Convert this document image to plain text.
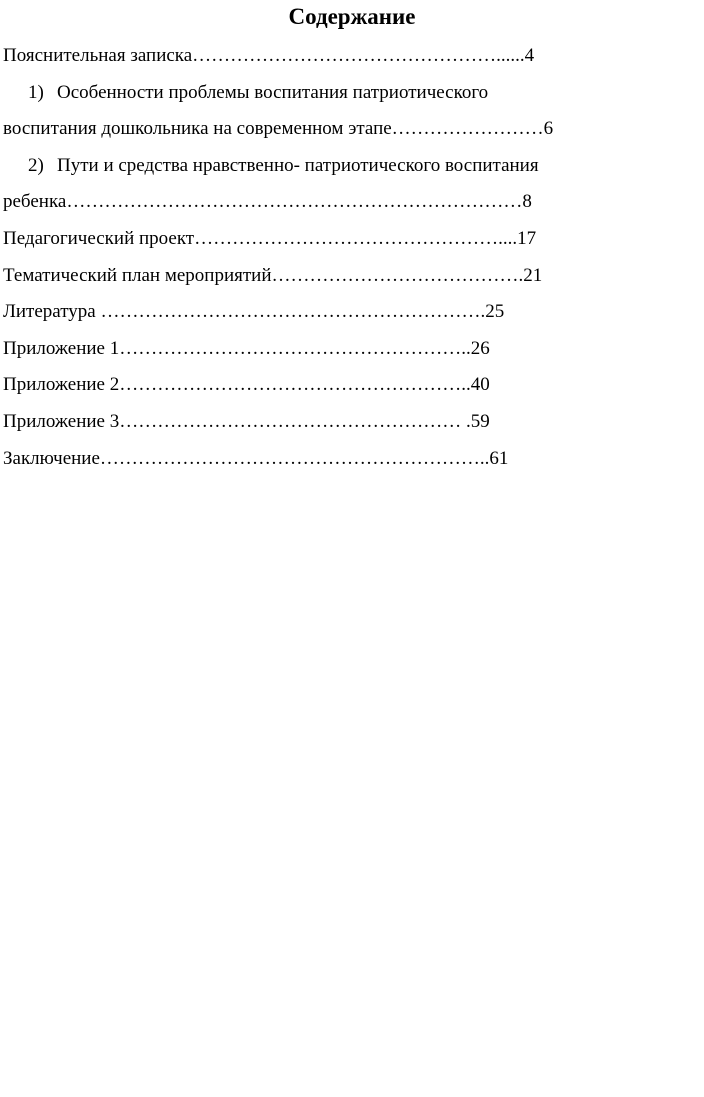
Содержание
Пояснительная записка…………………………………………......4
1) Особенности проблемы воспитания патриотического
воспитания дошкольника на современном этапе……………………6
2) Пути и средства нравственно- патриотического воспитания
ребенка………………………………………………………………8
Педагогический проект…………………………………………....17
Тематический план мероприятий………………………………….21
Литература …………………………………………………….25
Приложение 1………………………………………………..26
Приложение 2………………………………………………..40
Приложение 3……………………………………………… .59
Заключение……………………………………………………..61
